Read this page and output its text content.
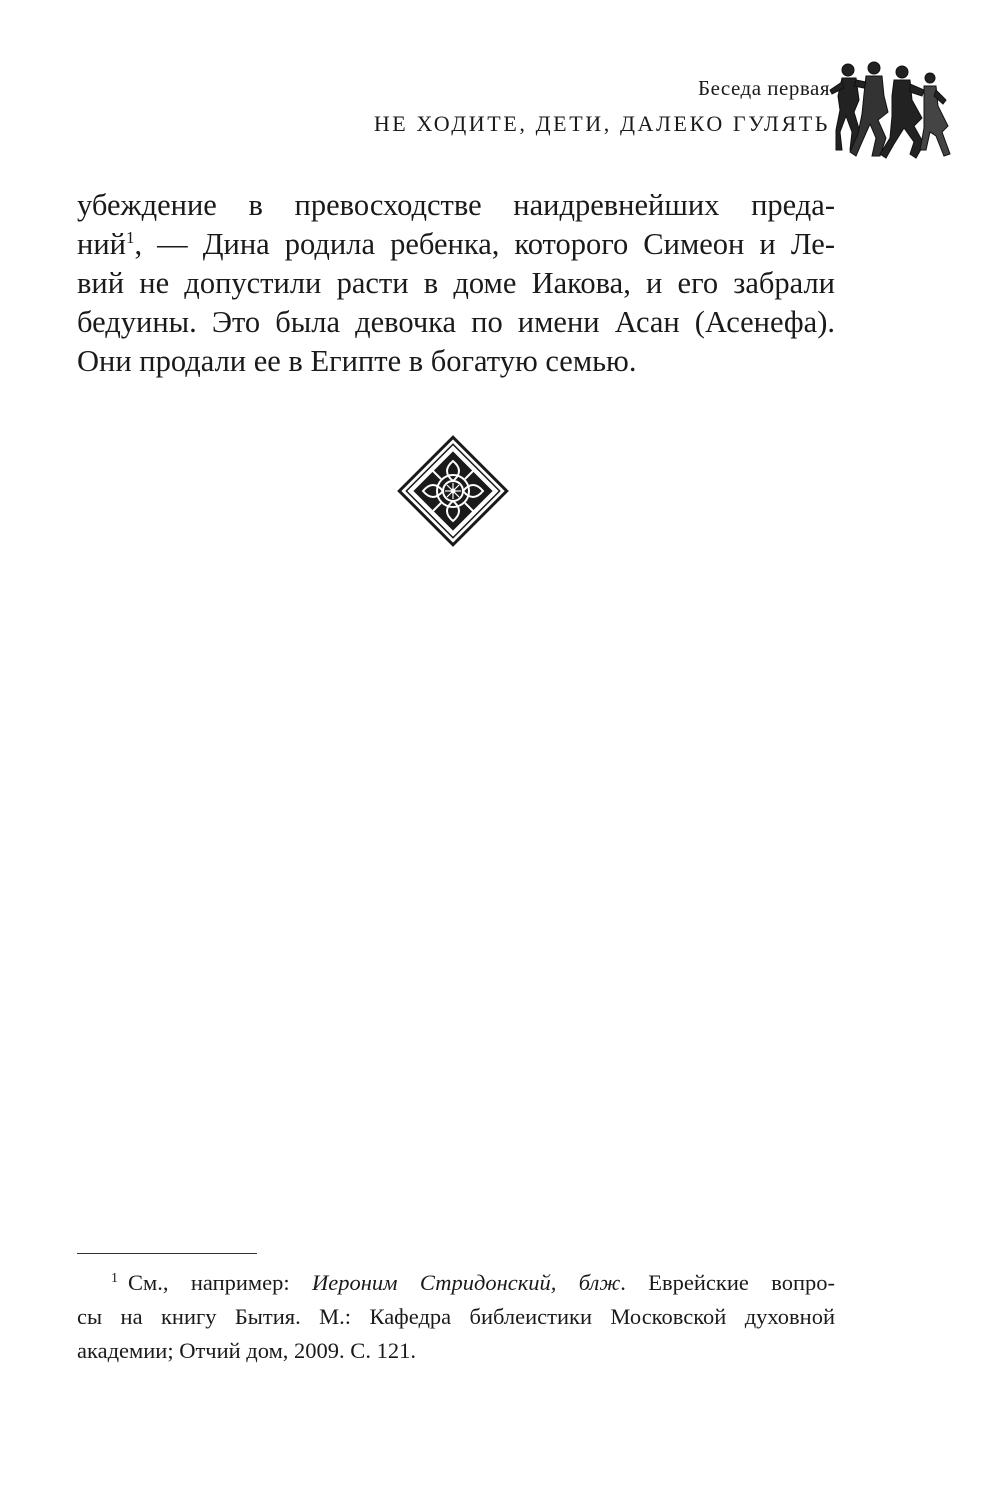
Беседа первая
НЕ ХОДИТЕ, ДЕТИ, ДАЛЕКО ГУЛЯТЬ

убеждение в превосходстве наидревнейших преда-
ний$^1$, — Дина родила ребенка, которого Симеон и Ле-
вий не допустили расти в доме Иакова, и его забрали
бедуины. Это была девочка по имени Асан (Асенефа).
Они продали ее в Египте в богатую семью.

$^1$ См., например: Иероним Стридонский, блж. Еврейские вопро-
сы на книгу Бытия. М.: Кафедра библеистики Московской духовной
академии; Отчий дом, 2009. С. 121.
